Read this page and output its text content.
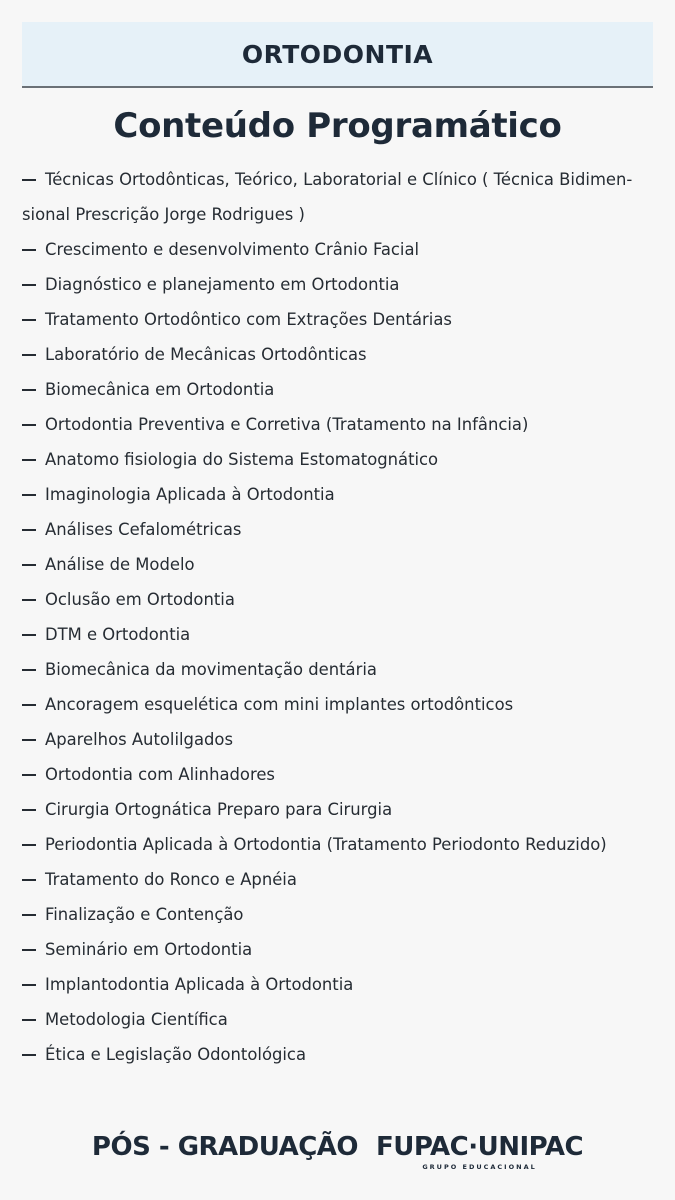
ORTODONTIA
Conteúdo Programático
Técnicas Ortodônticas, Teórico, Laboratorial e Clínico ( Técnica Bidimen-
sional Prescrição Jorge Rodrigues )
Crescimento e desenvolvimento Crânio Facial
Diagnóstico e planejamento em Ortodontia
Tratamento Ortodôntico com Extrações Dentárias
Laboratório de Mecânicas Ortodônticas
Biomecânica em Ortodontia
Ortodontia Preventiva e Corretiva (Tratamento na Infância)
Anatomo fisiologia do Sistema Estomatognático
Imaginologia Aplicada à Ortodontia
Análises Cefalométricas
Análise de Modelo
Oclusão em Ortodontia
DTM e Ortodontia
Biomecânica da movimentação dentária
Ancoragem esquelética com mini implantes ortodônticos
Aparelhos Autolilgados
Ortodontia com Alinhadores
Cirurgia Ortognática Preparo para Cirurgia
Periodontia Aplicada à Ortodontia (Tratamento Periodonto Reduzido)
Tratamento do Ronco e Apnéia
Finalização e Contenção
Seminário em Ortodontia
Implantodontia Aplicada à Ortodontia
Metodologia Científica
Ética e Legislação Odontológica
PÓS - GRADUAÇÃO FUPAC·UNIPAC
GRUPO EDUCACIONAL
